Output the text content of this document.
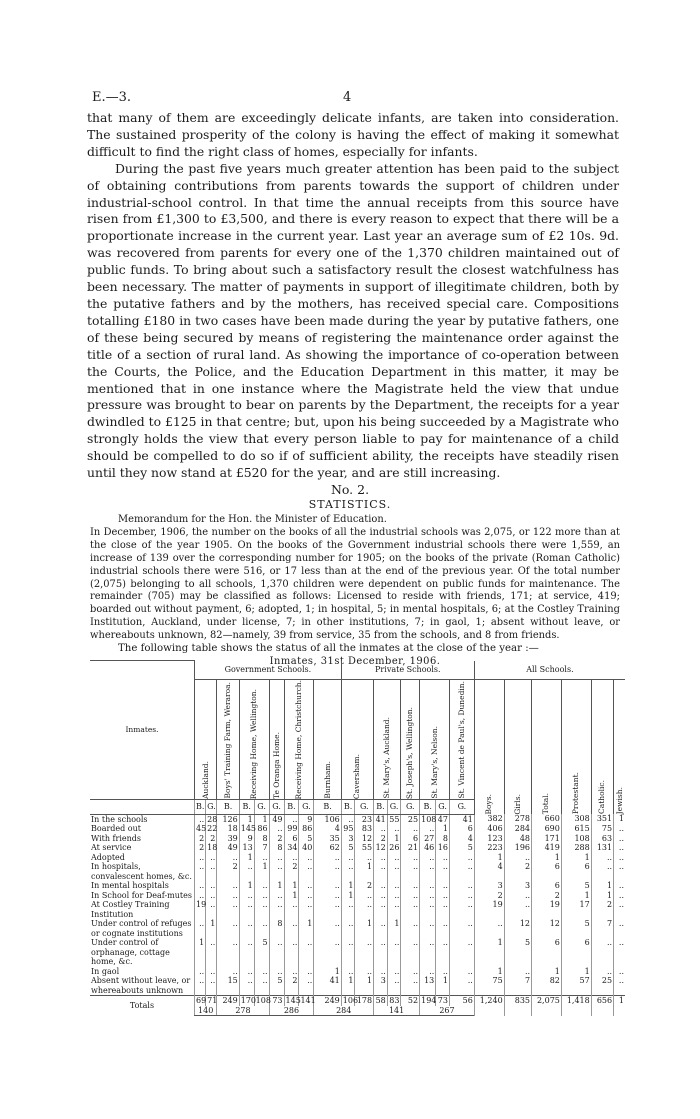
E.—3.	4

that many of them are exceedingly delicate infants, are taken into consideration. The sustained prosperity of the colony is having the effect of making it somewhat difficult to find the right class of homes, especially for infants.

During the past five years much greater attention has been paid to the subject of obtaining contributions from parents towards the support of children under industrial-school control. In that time the annual receipts from this source have risen from £1,300 to £3,500, and there is every reason to expect that there will be a proportionate increase in the current year. Last year an average sum of £2 10s. 9d. was recovered from parents for every one of the 1,370 children maintained out of public funds. To bring about such a satisfactory result the closest watchfulness has been necessary. The matter of payments in support of illegitimate children, both by the putative fathers and by the mothers, has received special care. Compositions totalling £180 in two cases have been made during the year by putative fathers, one of these being secured by means of registering the maintenance order against the title of a section of rural land. As showing the importance of co-operation between the Courts, the Police, and the Education Department in this matter, it may be mentioned that in one instance where the Magistrate held the view that undue pressure was brought to bear on parents by the Department, the receipts for a year dwindled to £125 in that centre; but, upon his being succeeded by a Magistrate who strongly holds the view that every person liable to pay for maintenance of a child should be compelled to do so if of sufficient ability, the receipts have steadily risen until they now stand at £520 for the year, and are still increasing.

No. 2.
STATISTICS.

Memorandum for the Hon. the Minister of Education.

In December, 1906, the number on the books of all the industrial schools was 2,075, or 122 more than at the close of the year 1905. On the books of the Government industrial schools there were 1,559, an increase of 139 over the corresponding number for 1905; on the books of the private (Roman Catholic) industrial schools there were 516, or 17 less than at the end of the previous year. Of the total number (2,075) belonging to all schools, 1,370 children were dependent on public funds for maintenance. The remainder (705) may be classified as follows: Licensed to reside with friends, 171; at service, 419; boarded out without payment, 6; adopted, 1; in hospital, 5; in mental hospitals, 6; at the Costley Training Institution, Auckland, under license, 7; in other institutions, 7; in gaol, 1; absent without leave, or whereabouts unknown, 82—namely, 39 from service, 35 from the schools, and 8 from friends.

The following table shows the status of all the inmates at the close of the year :—

Inmates, 31st December, 1906.

Inmates.	Government Schools.									Private Schools.								All Schools.					

	Auckland.		Boys' Training Farm, Weraroa.	Receiving Home, Wellington.		Te Oranga Home.	Receiving Home, Christchurch.		Burnham.	Caversham.		St. Mary's, Auckland.		St. Joseph's, Wellington.	St. Mary's, Nelson.		St. Vincent de Paul's, Dunedin.	Boys.	Girls.	Total.	Protestant.	Catholic.	Jewish.

	B.	G.	B.	B.	G.	G.	B.	G.	B.	B.	G.	B.	G.	G.	B.	G.	G.						
In the schools	..	28	126	1	1	49	..	9	106	..	23	41	55	25	108	47	41	382	278	660	308	351	1
Boarded out	45	22	18	145	86	..	99	86	4	95	83	..	..	..	..	1	6	406	284	690	615	75	..
With friends	2	2	39	9	8	2	6	5	35	3	12	2	1	6	27	8	4	123	48	171	108	63	..
At service	2	18	49	13	7	8	34	40	62	5	55	12	26	21	46	16	5	223	196	419	288	131	..
Adopted	..	..	..	1	..	..	..	..	..	..	..	..	..	..	..	..	..	1	..	1	1	..	..
In hospitals, convalescent homes, &c.	..	..	2	..	1	..	2	..	..	..	1	..	..	..	..	..	..	4	2	6	6	..	..
In mental hospitals	..	..	..	1	..	1	1	..	..	1	2	..	..	..	..	..	..	3	3	6	5	1	..
In School for Deaf-mutes	..	..	..	..	..	..	1	..	..	1	..	..	..	..	..	..	..	2	..	2	1	1	..
At Costley Training Institution	19	..	..	..	..	..	..	..	..	..	..	..	..	..	..	..	..	19	..	19	17	2	..
Under control of refuges or cognate institutions	..	1	..	..	..	8	..	1	..	..	1	..	1	..	..	..	..	..	12	12	5	7	..
Under control of orphanage, cottage home, &c.	1	..	..	..	5	..	..	..	..	..	..	..	..	..	..	..	..	1	5	6	6	..	..
In gaol	..	..	..	..	..	..	..	..	1	..	..	..	..	..	..	..	..	1	..	1	1	..	..
Absent without leave, or whereabouts unknown	..	..	15	..	..	5	2	..	41	1	1	3	..	..	13	1	..	75	7	82	57	25	..
Totals	69	71	249	170	108	73	145	141	249	106	178	58	83	52	194	73	56	1,240	835	2,075	1,418	656	1
	140		278			286			284			141			267								
